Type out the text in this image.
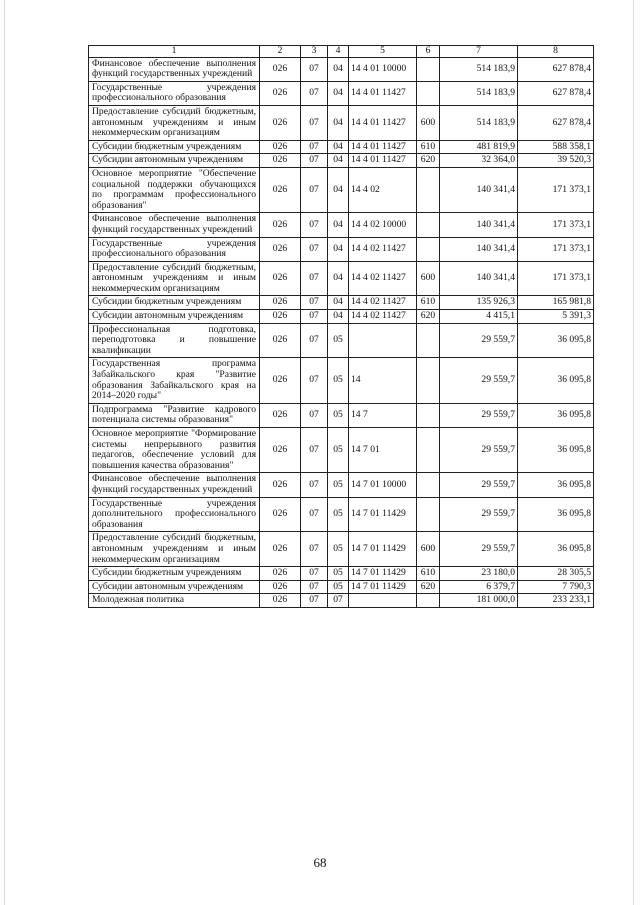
1	2	3	4	5	6	7	8
Финансовое обеспечение выполнения функций государственных учреждений	026	07	04	14 4 01 10000		514 183,9	627 878,4
Государственные учреждения профессионального образования	026	07	04	14 4 01 11427		514 183,9	627 878,4
Предоставление субсидий бюджетным, автономным учреждениям и иным некоммерческим организациям	026	07	04	14 4 01 11427	600	514 183,9	627 878,4
Субсидии бюджетным учреждениям	026	07	04	14 4 01 11427	610	481 819,9	588 358,1
Субсидии автономным учреждениям	026	07	04	14 4 01 11427	620	32 364,0	39 520,3
Основное мероприятие "Обеспечение социальной поддержки обучающихся по программам профессионального образования"	026	07	04	14 4 02		140 341,4	171 373,1
Финансовое обеспечение выполнения функций государственных учреждений	026	07	04	14 4 02 10000		140 341,4	171 373,1
Государственные учреждения профессионального образования	026	07	04	14 4 02 11427		140 341,4	171 373,1
Предоставление субсидий бюджетным, автономным учреждениям и иным некоммерческим организациям	026	07	04	14 4 02 11427	600	140 341,4	171 373,1
Субсидии бюджетным учреждениям	026	07	04	14 4 02 11427	610	135 926,3	165 981,8
Субсидии автономным учреждениям	026	07	04	14 4 02 11427	620	4 415,1	5 391,3
Профессиональная подготовка, переподготовка и повышение квалификации	026	07	05			29 559,7	36 095,8
Государственная программа Забайкальского края "Развитие образования Забайкальского края на 2014–2020 годы"	026	07	05	14		29 559,7	36 095,8
Подпрограмма "Развитие кадрового потенциала системы образования"	026	07	05	14 7		29 559,7	36 095,8
Основное мероприятие "Формирование системы непрерывного развития педагогов, обеспечение условий для повышения качества образования"	026	07	05	14 7 01		29 559,7	36 095,8
Финансовое обеспечение выполнения функций государственных учреждений	026	07	05	14 7 01 10000		29 559,7	36 095,8
Государственные учреждения дополнительного профессионального образования	026	07	05	14 7 01 11429		29 559,7	36 095,8
Предоставление субсидий бюджетным, автономным учреждениям и иным некоммерческим организациям	026	07	05	14 7 01 11429	600	29 559,7	36 095,8
Субсидии бюджетным учреждениям	026	07	05	14 7 01 11429	610	23 180,0	28 305,5
Субсидии автономным учреждениям	026	07	05	14 7 01 11429	620	6 379,7	7 790,3
Молодежная политика	026	07	07			181 000,0	233 233,1
68
